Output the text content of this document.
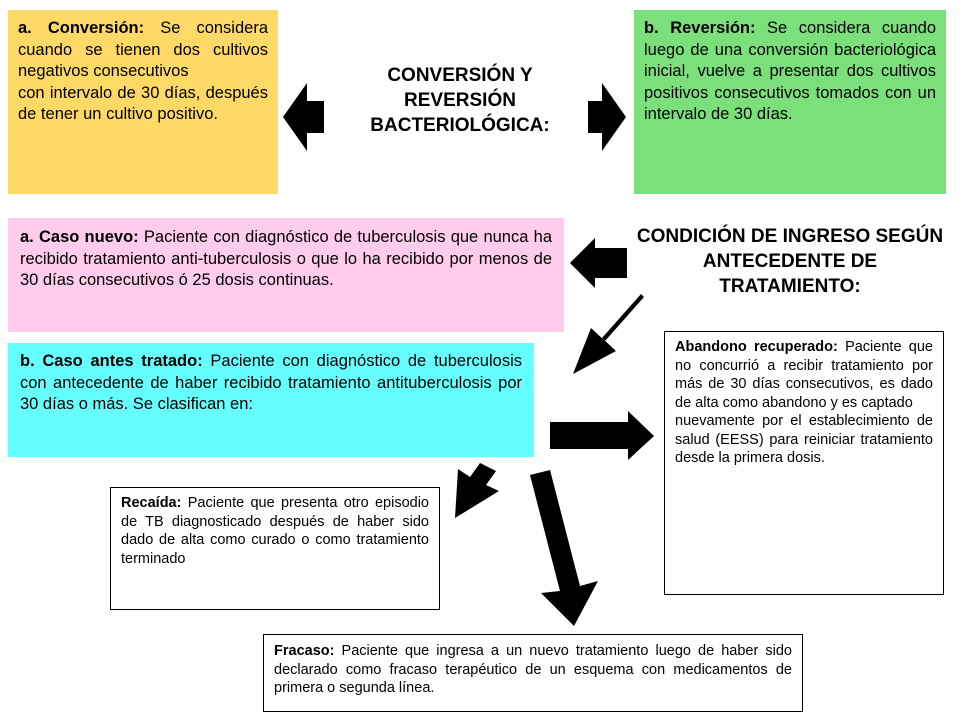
a. Conversión: Se considera cuando se tienen dos cultivos negativos consecutivos
con intervalo de 30 días, después de tener un cultivo positivo.
b. Reversión: Se considera cuando luego de una conversión bacteriológica inicial, vuelve a presentar dos cultivos positivos consecutivos tomados con un intervalo de 30 días.
CONVERSIÓN Y REVERSIÓN BACTERIOLÓGICA:
a. Caso nuevo: Paciente con diagnóstico de tuberculosis que nunca ha recibido tratamiento anti-tuberculosis o que lo ha recibido por menos de 30 días consecutivos ó 25 dosis continuas.
CONDICIÓN DE INGRESO SEGÚN ANTECEDENTE DE TRATAMIENTO:
b. Caso antes tratado: Paciente con diagnóstico de tuberculosis con antecedente de haber recibido tratamiento antituberculosis por 30 días o más. Se clasifican en:
Abandono recuperado: Paciente que no concurrió a recibir tratamiento por más de 30 días consecutivos, es dado de alta como abandono y es captado
nuevamente por el establecimiento de salud (EESS) para reiniciar tratamiento desde la primera dosis.
Recaída: Paciente que presenta otro episodio de TB diagnosticado después de haber sido dado de alta como curado o como tratamiento terminado
Fracaso: Paciente que ingresa a un nuevo tratamiento luego de haber sido declarado como fracaso terapéutico de un esquema con medicamentos de primera o segunda línea.
